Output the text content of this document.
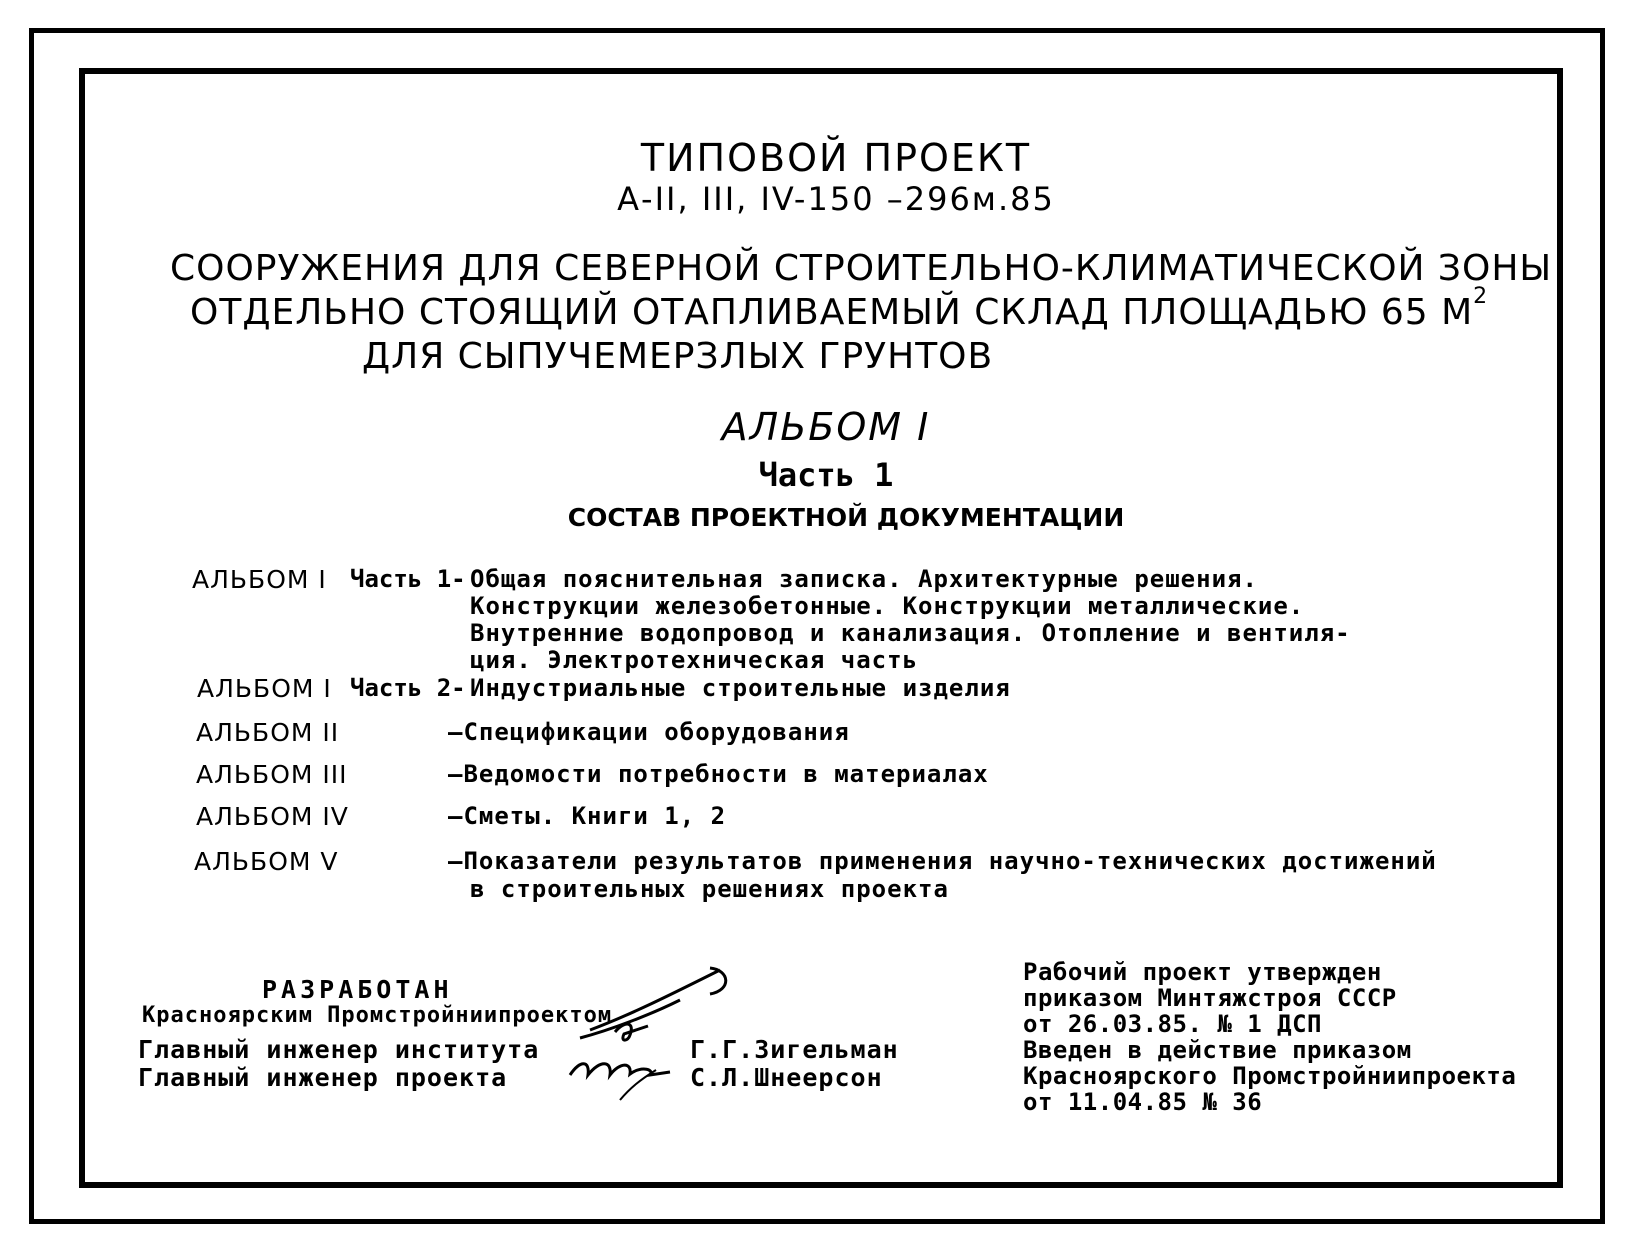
ТИПОВОЙ ПРОЕКТ
А-II, III, IV-150 –296м.85
СООРУЖЕНИЯ ДЛЯ СЕВЕРНОЙ СТРОИТЕЛЬНО-КЛИМАТИЧЕСКОЙ ЗОНЫ
ОТДЕЛЬНО СТОЯЩИЙ ОТАПЛИВАЕМЫЙ СКЛАД ПЛОЩАДЬЮ 65 $М^2$
ДЛЯ СЫПУЧЕМЕРЗЛЫХ ГРУНТОВ
АЛЬБОМ I
Часть 1
СОСТАВ ПРОЕКТНОЙ ДОКУМЕНТАЦИИ
АЛЬБОМ I Часть 1- Общая пояснительная записка. Архитектурные решения.
Конструкции железобетонные. Конструкции металлические.
Внутренние водопровод и канализация. Отопление и вентиля-
ция. Электротехническая часть
АЛЬБОМ I Часть 2- Индустриальные строительные изделия
АЛЬБОМ II	–Спецификации оборудования
АЛЬБОМ III	–Ведомости потребности в материалах
АЛЬБОМ IV	–Сметы. Книги 1, 2
АЛЬБОМ V	–Показатели результатов применения научно-технических достижений
в строительных решениях проекта
РАЗРАБОТАН
Красноярским Промстройниипроектом
Главный инженер института	Г.Г.Зигельман
Главный инженер проекта	С.Л.Шнеерсон
Рабочий проект утвержден
приказом Минтяжстроя СССР
от 26.03.85. № 1 ДСП
Введен в действие приказом
Красноярского Промстройниипроекта
от 11.04.85 № 36
